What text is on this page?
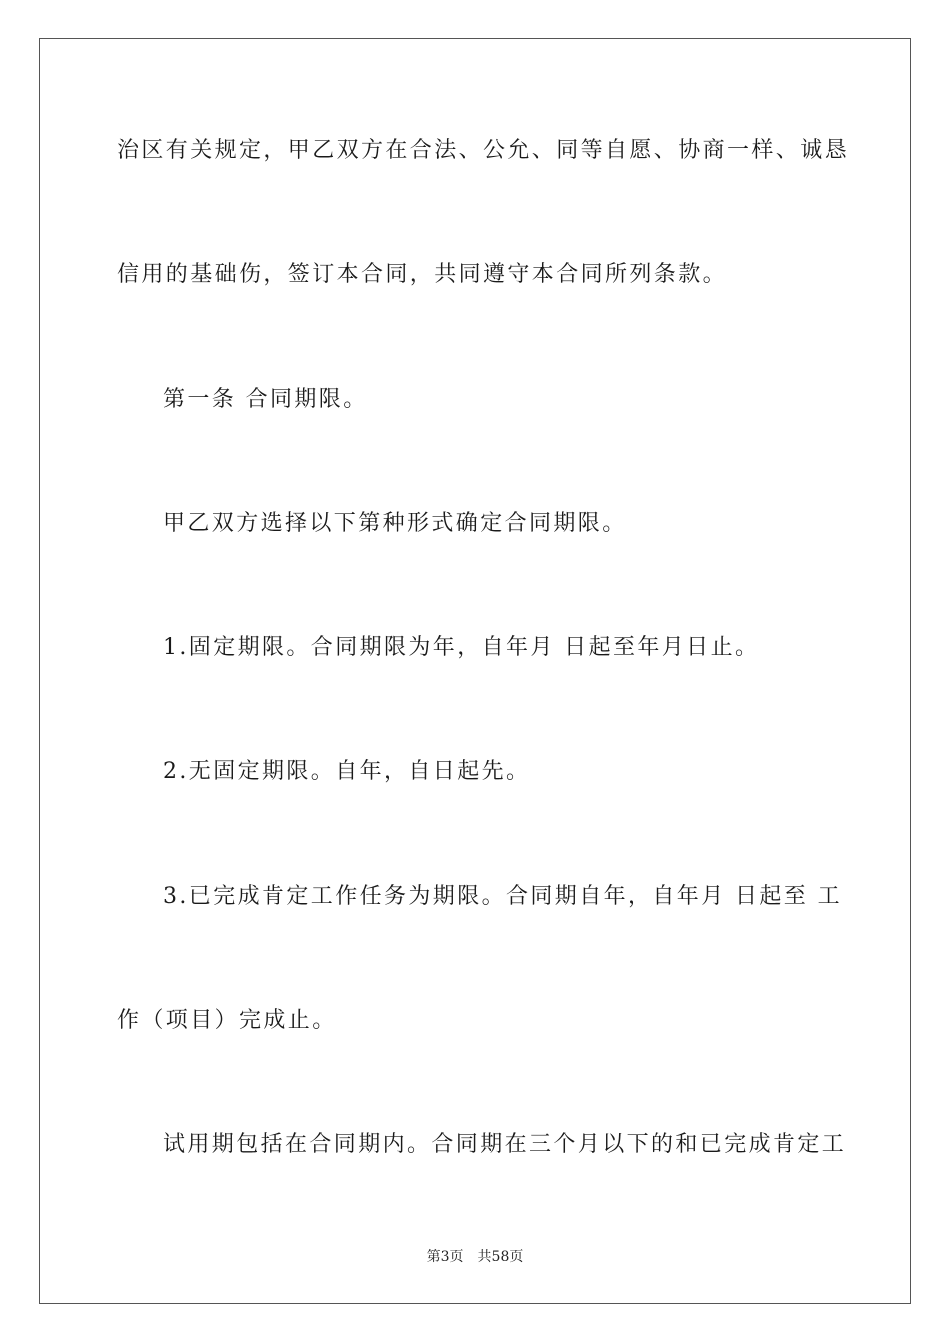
治区有关规定，甲乙双方在合法、公允、同等自愿、协商一样、诚恳
信用的基础伤，签订本合同，共同遵守本合同所列条款。
第一条 合同期限。
甲乙双方选择以下第种形式确定合同期限。
1.固定期限。合同期限为年，自年月 日起至年月日止。
2.无固定期限。自年，自日起先。
3.已完成肯定工作任务为期限。合同期自年，自年月 日起至 工
作（项目）完成止。
试用期包括在合同期内。合同期在三个月以下的和已完成肯定工
第3页 共58页
